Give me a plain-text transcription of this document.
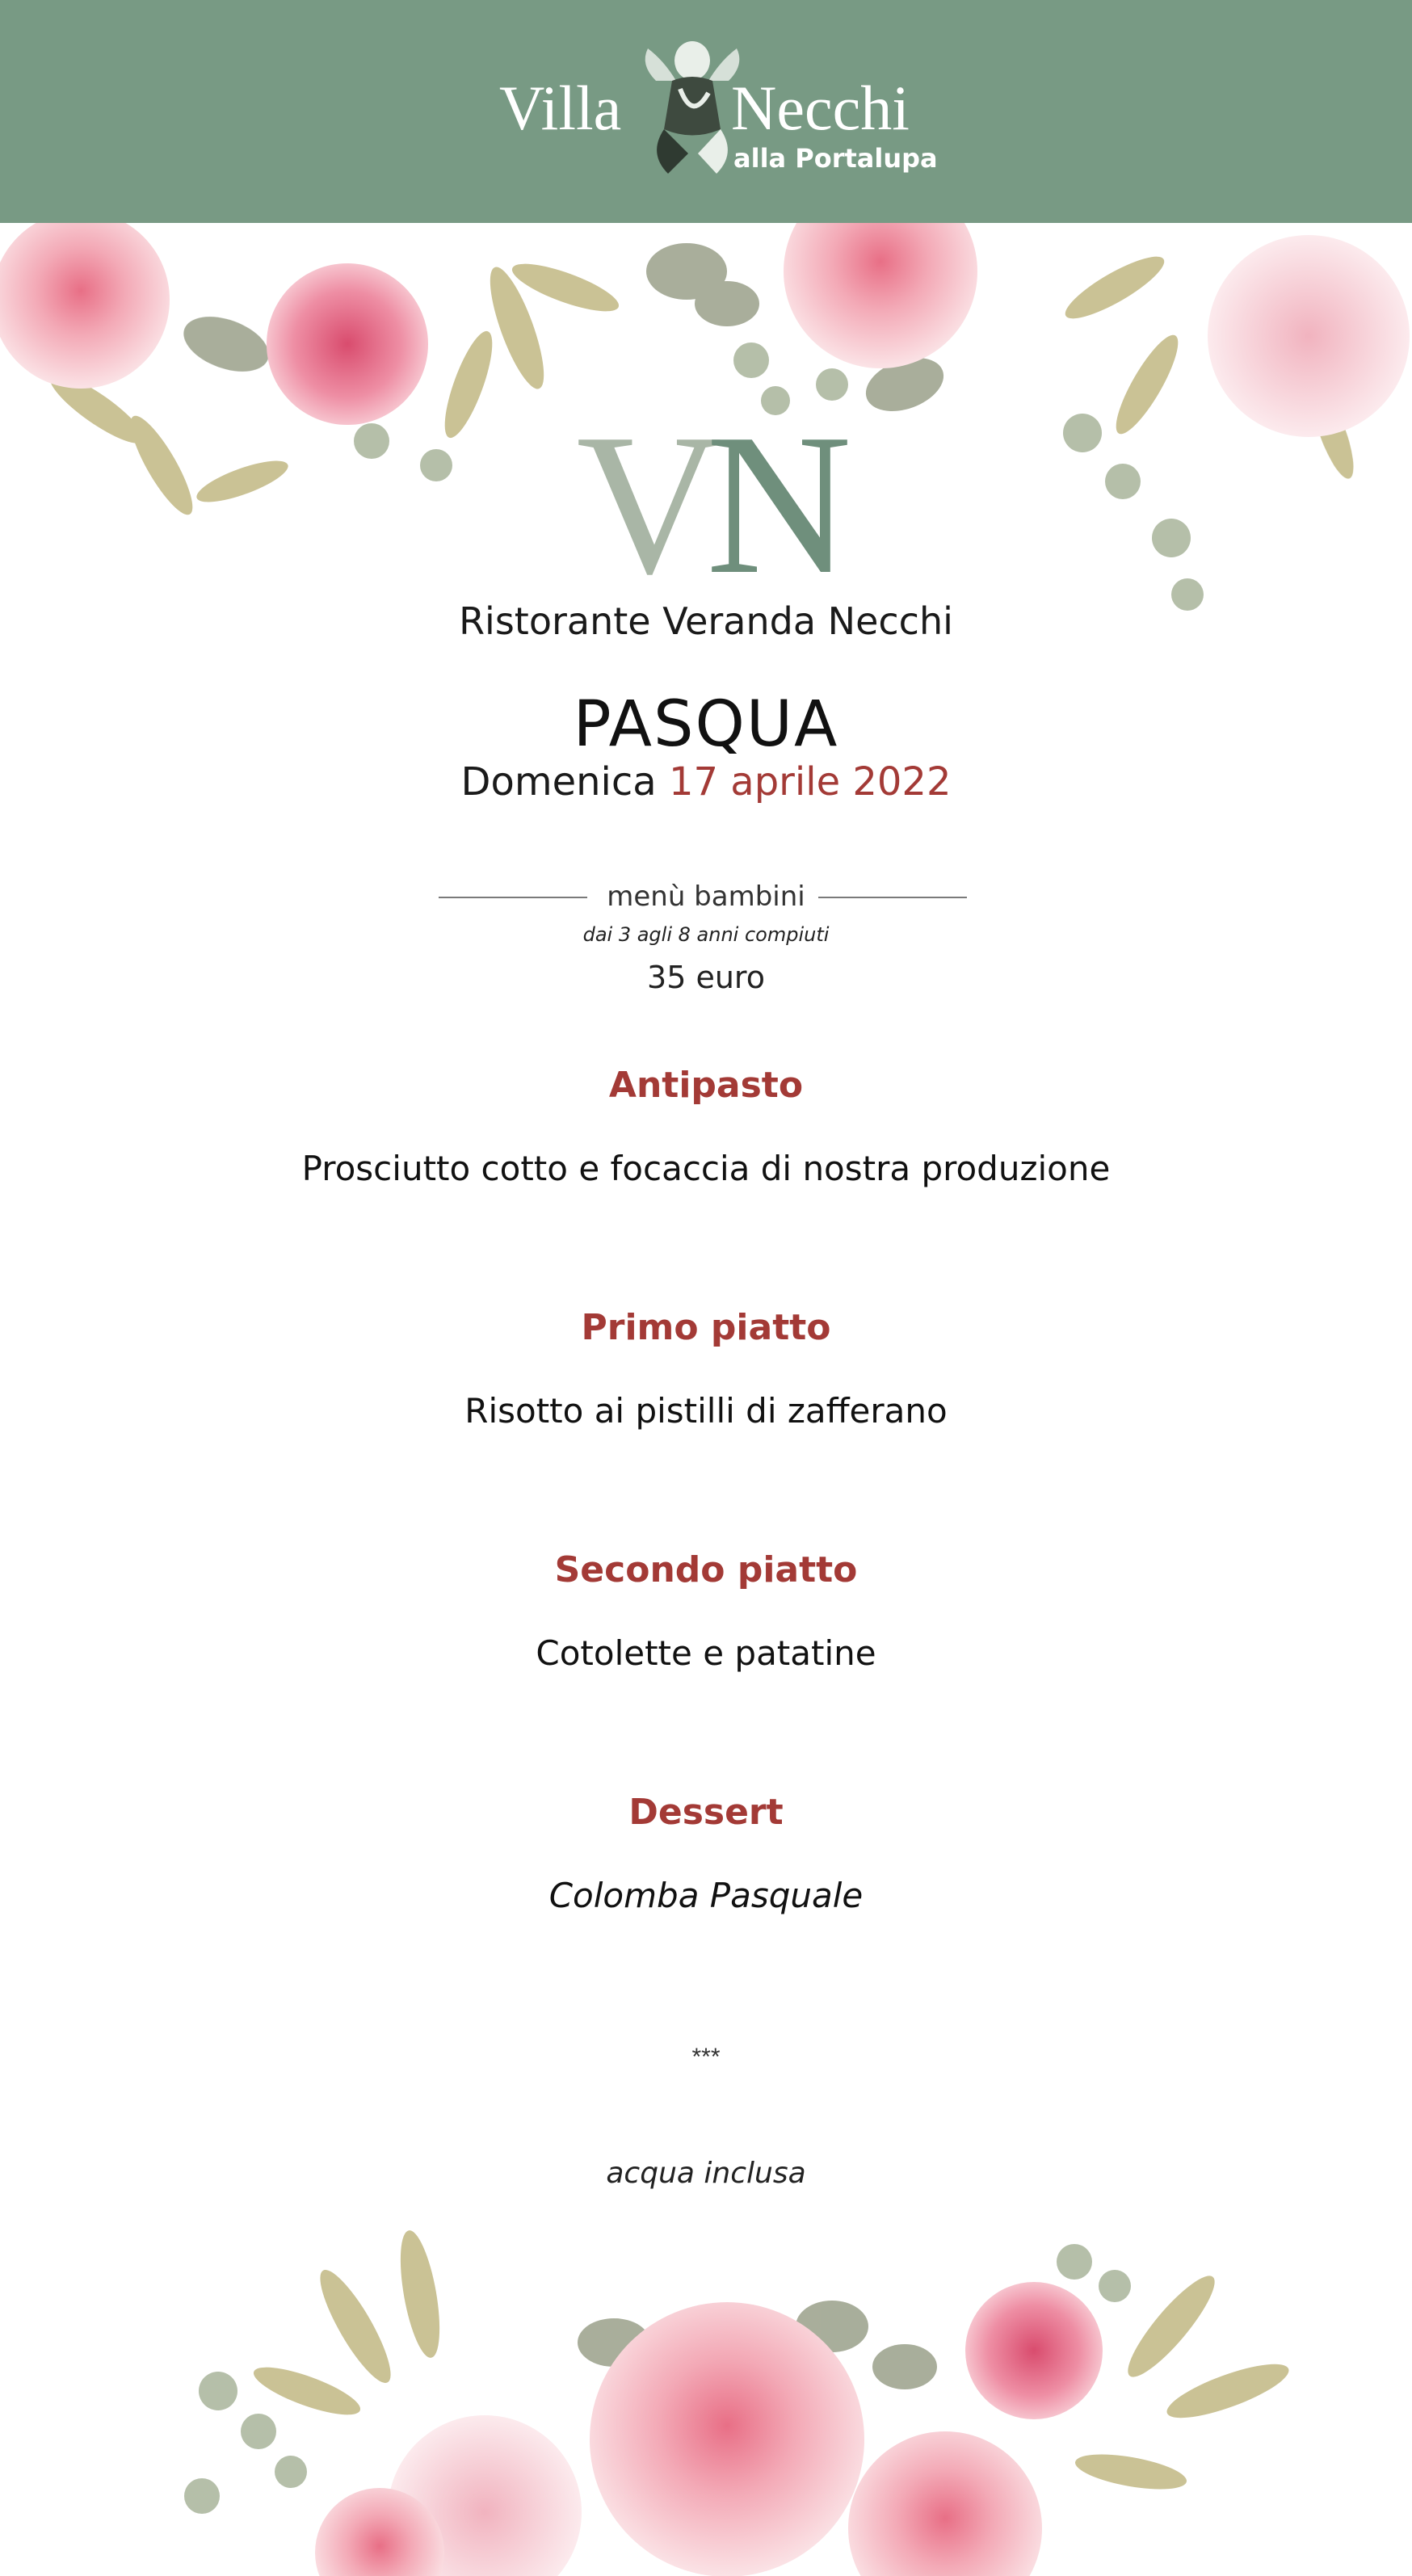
Villa Necchi
alla Portalupa
VN
Ristorante Veranda Necchi
PASQUA
Domenica 17 aprile 2022
menù bambini
dai 3 agli 8 anni compiuti
35 euro
Antipasto
Prosciutto cotto e focaccia di nostra produzione
Primo piatto
Risotto ai pistilli di zafferano
Secondo piatto
Cotolette e patatine
Dessert
Colomba Pasquale
***
acqua inclusa
